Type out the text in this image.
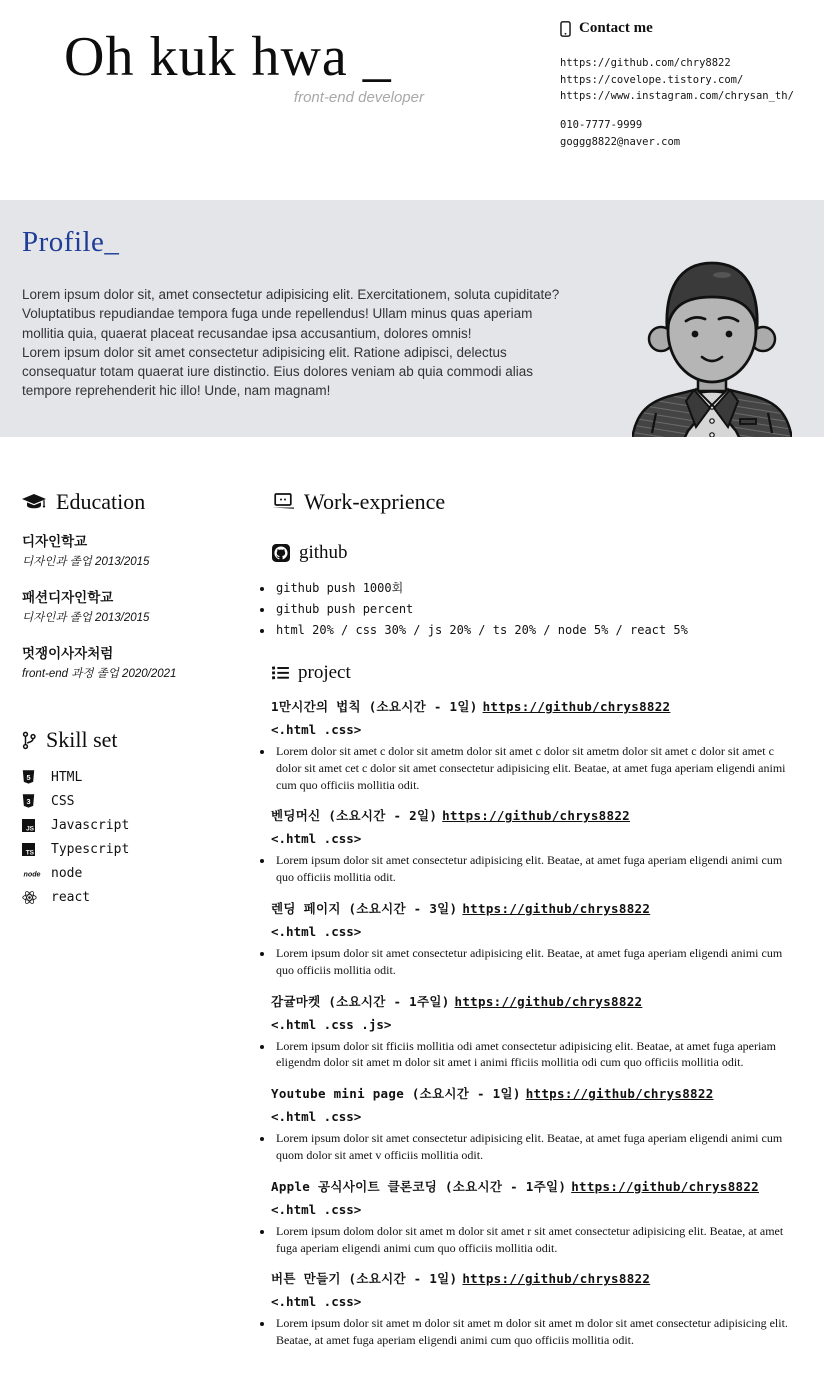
Oh kuk hwa _
front-end developer
Contact me
https://github.com/chry8822
https://covelope.tistory.com/
https://www.instagram.com/chrysan_th/
010-7777-9999
goggg8822@naver.com
Profile_

Lorem ipsum dolor sit, amet consectetur adipisicing elit. Exercitationem, soluta cupiditate? Voluptatibus repudiandae tempora fuga unde repellendus! Ullam minus quas aperiam mollitia quia, quaerat placeat recusandae ipsa accusantium, dolores omnis!

Lorem ipsum dolor sit amet consectetur adipisicing elit. Ratione adipisci, delectus consequatur totam quaerat iure distinctio. Eius dolores veniam ab quia commodi alias tempore reprehenderit hic illo! Unde, nam magnam!

Education
디자인학교
디자인과 졸업 2013/2015
패션디자인학교
디자인과 졸업 2013/2015
멋쟁이사자처럼
front-end 과정 졸업 2020/2021
Skill set
5 HTML
3 CSS
JS Javascript
TS Typescript
node node
react
Work-exprience
github
• github push 1000회
• github push percent
• html 20% / css 30% / js 20% / ts 20% / node 5% / react 5%
project
1만시간의 법칙 (소요시간 - 1일) https://github/chrys8822
<.html .css>
• Lorem dolor sit amet c dolor sit ametm dolor sit amet c dolor sit ametm dolor sit amet c dolor sit amet c dolor sit amet cet c dolor sit amet consectetur adipisicing elit. Beatae, at amet fuga aperiam eligendi animi cum quo officiis mollitia odit.
벤딩머신 (소요시간 - 2일) https://github/chrys8822
<.html .css>
• Lorem ipsum dolor sit amet consectetur adipisicing elit. Beatae, at amet fuga aperiam eligendi animi cum quo officiis mollitia odit.
렌딩 페이지 (소요시간 - 3일) https://github/chrys8822
<.html .css>
• Lorem ipsum dolor sit amet consectetur adipisicing elit. Beatae, at amet fuga aperiam eligendi animi cum quo officiis mollitia odit.
감귤마켓 (소요시간 - 1주일) https://github/chrys8822
<.html .css .js>
• Lorem ipsum dolor sit fficiis mollitia odi amet consectetur adipisicing elit. Beatae, at amet fuga aperiam eligendm dolor sit amet m dolor sit amet i animi fficiis mollitia odi cum quo officiis mollitia odit.
Youtube mini page (소요시간 - 1일) https://github/chrys8822
<.html .css>
• Lorem ipsum dolor sit amet consectetur adipisicing elit. Beatae, at amet fuga aperiam eligendi animi cum quom dolor sit amet v officiis mollitia odit.
Apple 공식사이트 클론코딩 (소요시간 - 1주일) https://github/chrys8822
<.html .css>
• Lorem ipsum dolom dolor sit amet m dolor sit amet r sit amet consectetur adipisicing elit. Beatae, at amet fuga aperiam eligendi animi cum quo officiis mollitia odit.
버튼 만들기 (소요시간 - 1일) https://github/chrys8822
<.html .css>
• Lorem ipsum dolor sit amet m dolor sit amet m dolor sit amet m dolor sit amet consectetur adipisicing elit. Beatae, at amet fuga aperiam eligendi animi cum quo officiis mollitia odit.
